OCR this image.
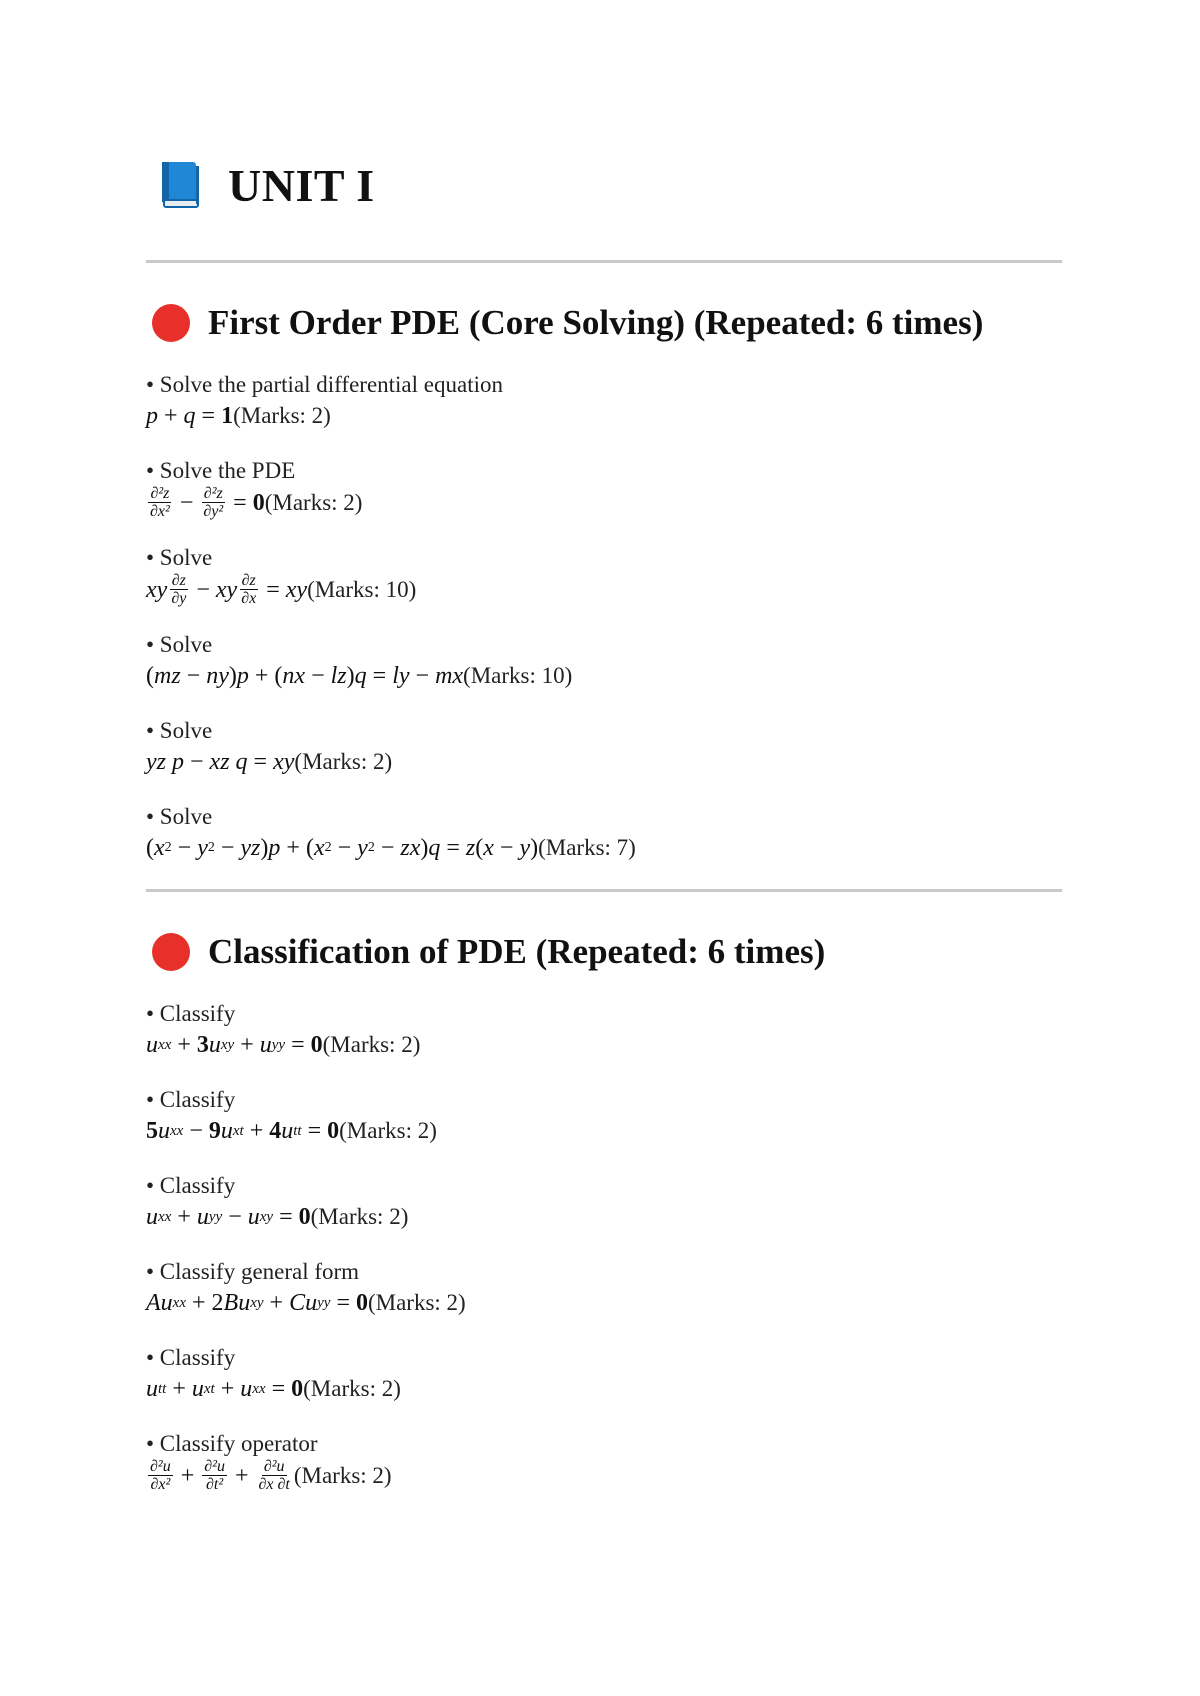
UNIT I
First Order PDE (Core Solving) (Repeated: 6 times)
• Solve the partial differential equation
p + q = 1 (Marks: 2)
• Solve the PDE
$\frac{\text{∂²z}}{\text{∂x²}} - \frac{\text{∂²z}}{\text{∂y²}} = 0$ (Marks: 2)
• Solve
xy $\frac{\partial z}{\partial y}$ − xy $\frac{\partial z}{\partial x}$ = xy (Marks: 10)
• Solve
( mz − ny ) p + ( nx − lz ) q = ly − mx (Marks: 10)
• Solve
yz p − xz q = xy (Marks: 2)
• Solve
( x 2 − y 2 − yz ) p + ( x 2 − y 2 − zx ) q = z ( x − y ) (Marks: 7)
Classification of PDE (Repeated: 6 times)
• Classify
u xx + 3 u xy + u yy = 0 (Marks: 2)
• Classify
5 u xx − 9 u xt + 4 u tt = 0 (Marks: 2)
• Classify
u xx + u yy − u xy = 0 (Marks: 2)
• Classify general form
Au xx + 2 Bu xy + Cu yy = 0 (Marks: 2)
• Classify
u tt + u xt + u xx = 0 (Marks: 2)
• Classify operator
$\frac{\text{∂²u}}{\text{∂x²}} + \frac{\text{∂²u}}{\text{∂t²}} + \frac{\text{∂²u}}{\partial x \partial t}$ (Marks: 2)
